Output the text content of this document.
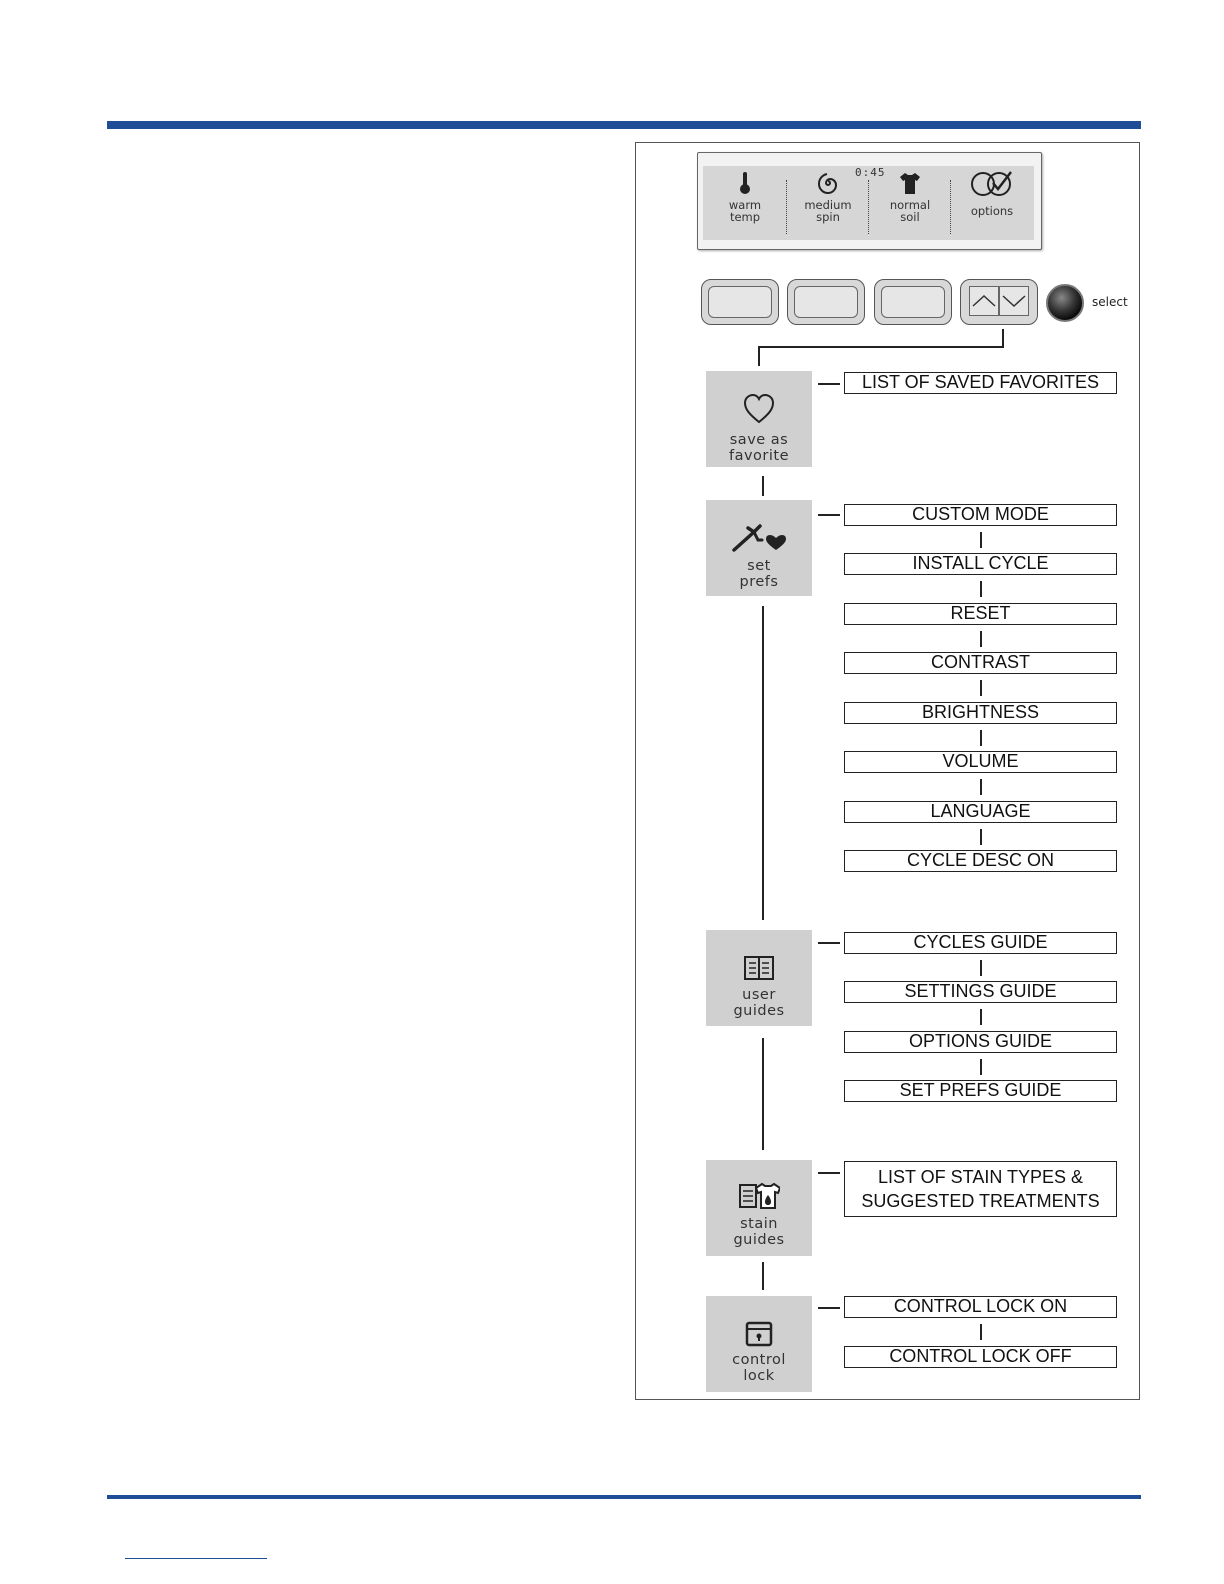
warm
temp
medium
spin
normal
soil	options
0:45
select
save as
favorite
LIST OF SAVED FAVORITES
set
prefs
CUSTOM MODE
INSTALL CYCLE
RESET
CONTRAST
BRIGHTNESS
VOLUME
LANGUAGE
CYCLE DESC ON
user
guides
CYCLES GUIDE
SETTINGS GUIDE
OPTIONS GUIDE
SET PREFS GUIDE
stain
guides
LIST OF STAIN TYPES & SUGGESTED TREATMENTS
control
lock
CONTROL LOCK ON
CONTROL LOCK OFF
